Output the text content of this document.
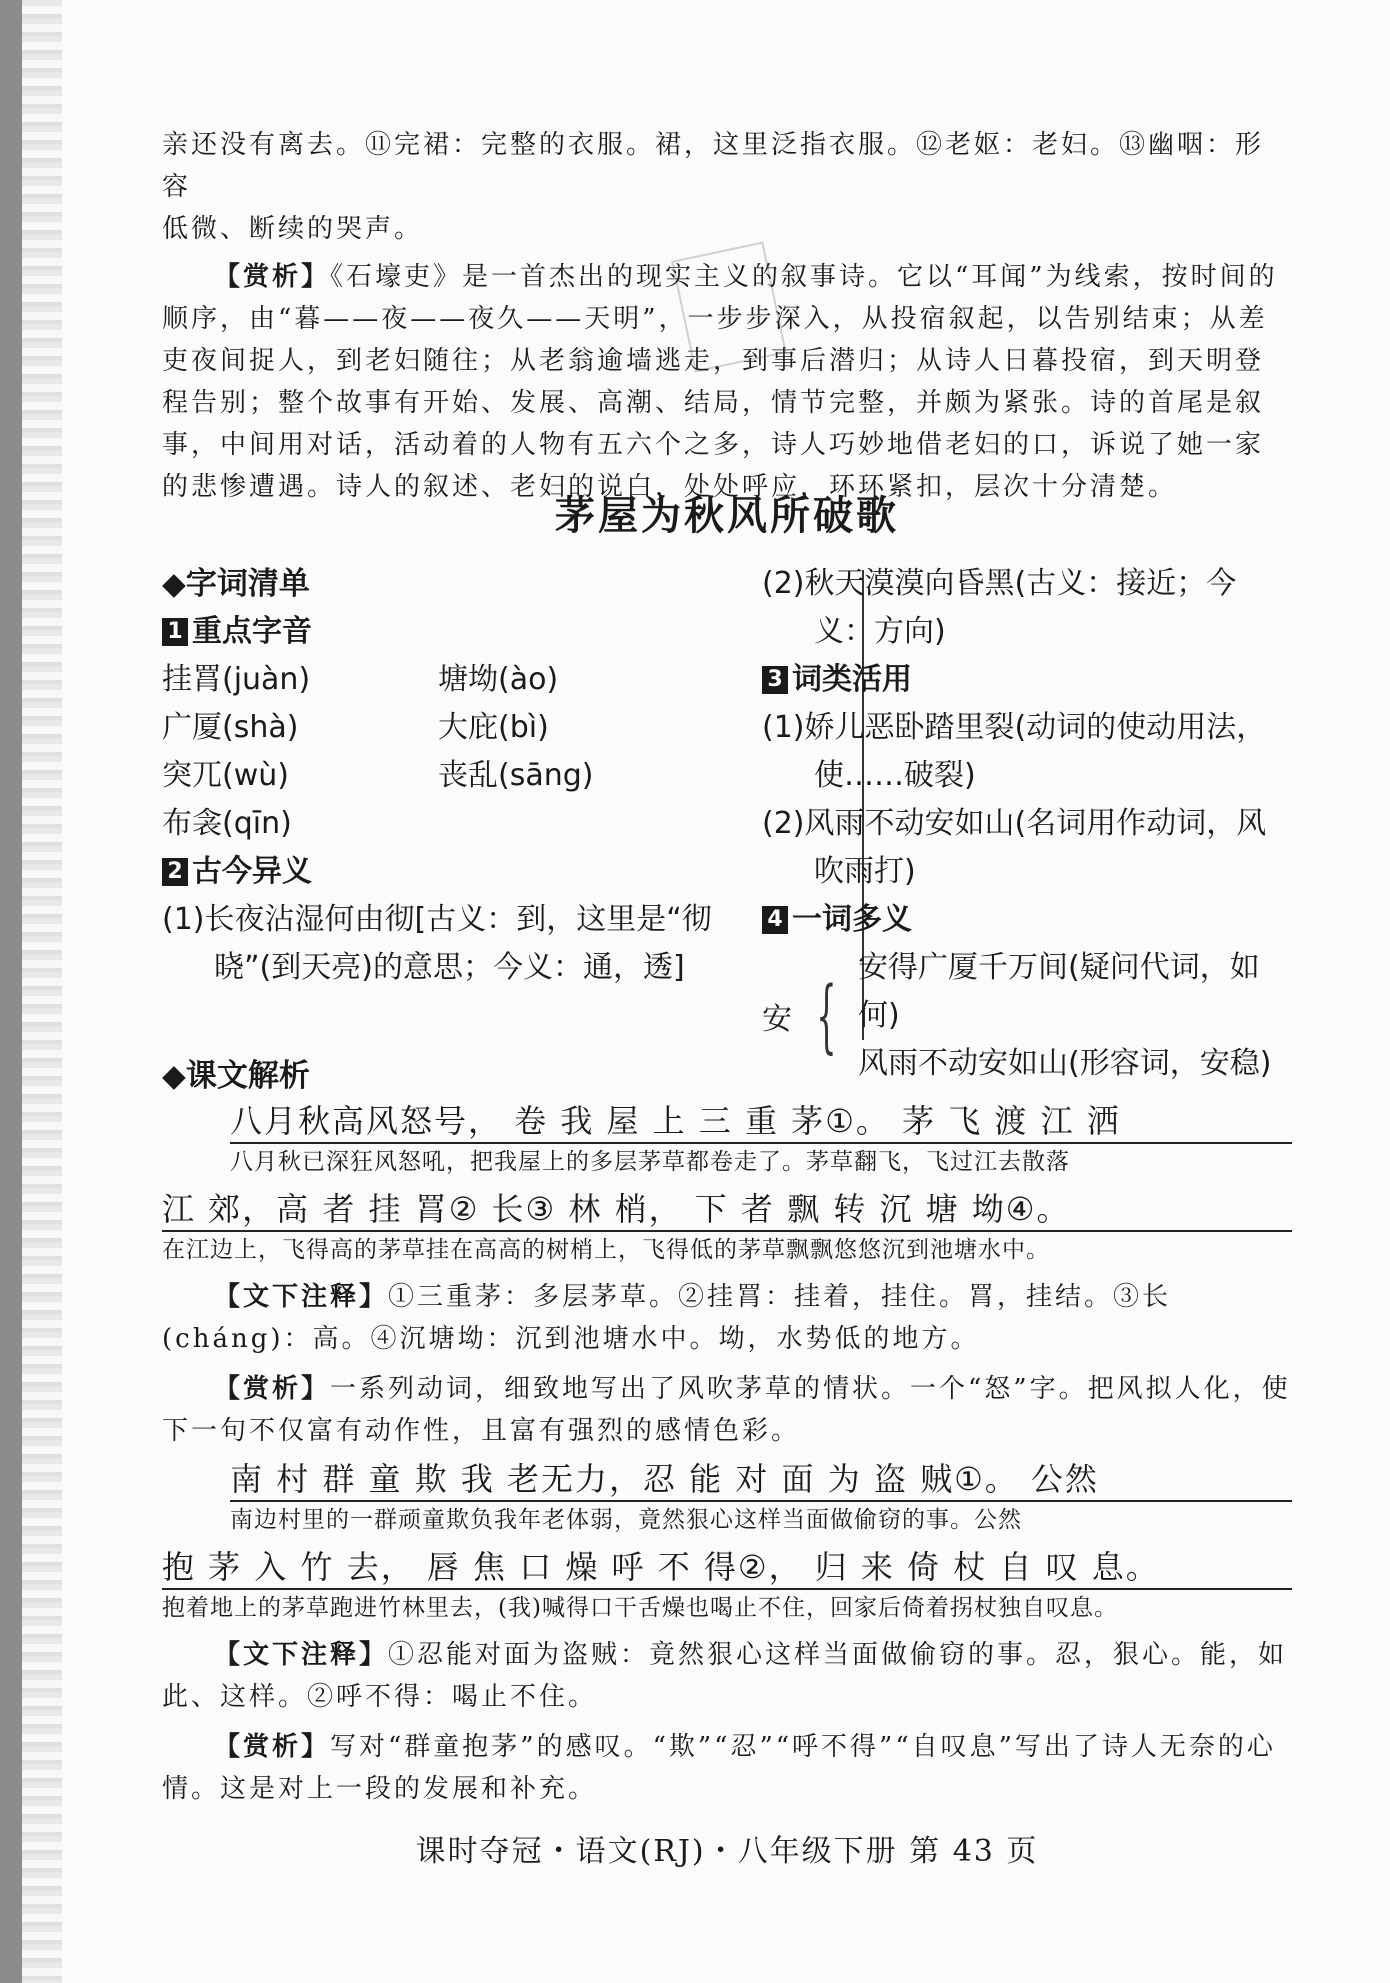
亲还没有离去。⑪完裙：完整的衣服。裙，这里泛指衣服。⑫老妪：老妇。⑬幽咽：形容

低微、断续的哭声。

【赏析】《石壕吏》是一首杰出的现实主义的叙事诗。它以“耳闻”为线索，按时间的顺序，由“暮——夜——夜久——天明”，一步步深入，从投宿叙起，以告别结束；从差吏夜间捉人，到老妇随往；从老翁逾墙逃走，到事后潜归；从诗人日暮投宿，到天明登程告别；整个故事有开始、发展、高潮、结局，情节完整，并颇为紧张。诗的首尾是叙事，中间用对话，活动着的人物有五六个之多，诗人巧妙地借老妇的口，诉说了她一家的悲惨遭遇。诗人的叙述、老妇的说白，处处呼应，环环紧扣，层次十分清楚。

茅屋为秋风所破歌

◆字词清单

1 重点字音

挂罥(juàn)	塘坳(ào)

广厦(shà)	大庇(bì)

突兀(wù)	丧乱(sāng)

布衾(qīn)

2 古今异义

(1)长夜沾湿何由彻[古义：到，这里是“彻晓”(到天亮)的意思；今义：通，透]

(2)秋天漠漠向昏黑(古义：接近；今义：方向)

3 词类活用

(1)娇儿恶卧踏里裂(动词的使动用法，使……破裂)

(2)风雨不动安如山(名词用作动词，风吹雨打)

4 一词多义

安 {

安得广厦千万间(疑问代词，如何)

风雨不动安如山(形容词，安稳)

◆课文解析

八月秋高风怒号， 卷 我 屋 上 三 重 茅①。 茅 飞 渡 江 洒

八月秋已深狂风怒吼，把我屋上的多层茅草都卷走了。茅草翻飞，飞过江去散落

江 郊，高 者 挂 罥② 长③ 林 梢， 下 者 飘 转 沉 塘 坳④。

在江边上，飞得高的茅草挂在高高的树梢上，飞得低的茅草飘飘悠悠沉到池塘水中。

【文下注释】①三重茅：多层茅草。②挂罥：挂着，挂住。罥，挂结。③长(cháng)：高。④沉塘坳：沉到池塘水中。坳，水势低的地方。

【赏析】一系列动词，细致地写出了风吹茅草的情状。一个“怒”字。把风拟人化，使下一句不仅富有动作性，且富有强烈的感情色彩。

南 村 群 童 欺 我 老无力，忍 能 对 面 为 盗 贼①。 公然

南边村里的一群顽童欺负我年老体弱，竟然狠心这样当面做偷窃的事。公然

抱 茅 入 竹 去， 唇 焦 口 燥 呼 不 得②， 归 来 倚 杖 自 叹 息。

抱着地上的茅草跑进竹林里去，(我)喊得口干舌燥也喝止不住，回家后倚着拐杖独自叹息。

【文下注释】①忍能对面为盗贼：竟然狠心这样当面做偷窃的事。忍，狠心。能，如此、这样。②呼不得：喝止不住。

【赏析】写对“群童抱茅”的感叹。“欺”“忍”“呼不得”“自叹息”写出了诗人无奈的心情。这是对上一段的发展和补充。

课时夺冠・语文(RJ)・八年级下册 第 43 页
